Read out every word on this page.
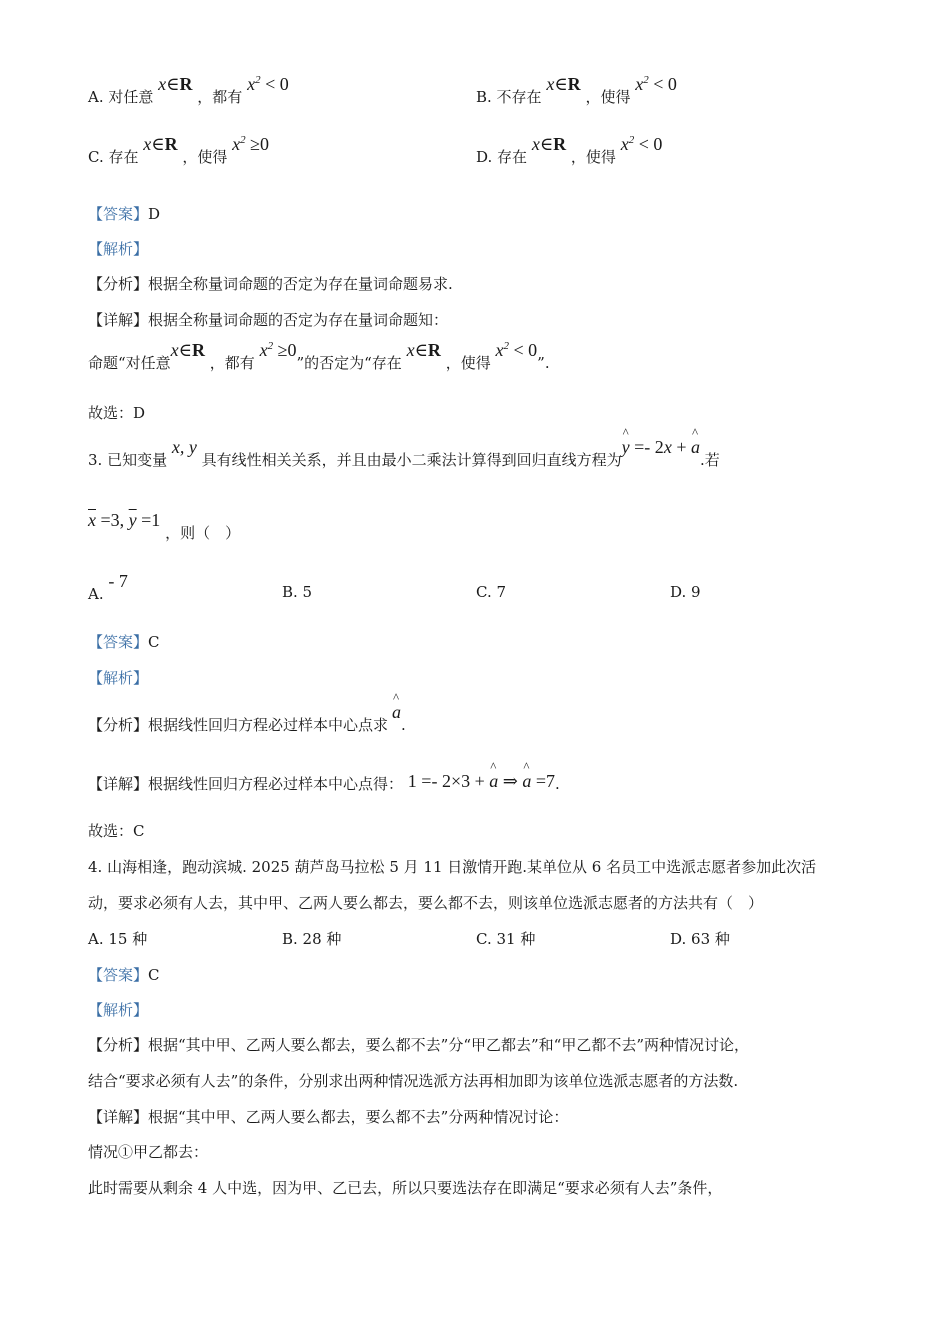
A. 对任意 x∈R ，都有 $x^2 < 0$
B. 不存在 x∈R ，使得 $x^2 < 0$
C. 存在 x∈R ，使得 $x^2 \ge 0$
D. 存在 x∈R ，使得 $x^2 < 0$
【答案】D
【解析】
【分析】根据全称量词命题的否定为存在量词命题易求.
【详解】根据全称量词命题的否定为存在量词命题知：
命题“对任意x∈R ，都有 $x^2 \ge 0$”的否定为“存在 x∈R ，使得 $x^2 < 0$”.
故选：D
3. 已知变量 x, y 具有线性相关关系，并且由最小二乘法计算得到回归直线方程为^ y =- 2x + ^ a.若
$\overline{x} =3$, $\overline{y} =1$ ，则（　）
A. - 7
B. 5	C. 7	D. 9
【答案】C
【解析】
【分析】根据线性回归方程必过样本中心点求^ a.
【详解】根据线性回归方程必过样本中心点得： 1 =- 2×3 + ^ a ⇒ ^ a =7.
故选：C
4. 山海相逢，跑动滨城. 2025 葫芦岛马拉松 5 月 11 日激情开跑.某单位从 6 名员工中选派志愿者参加此次活
动，要求必须有人去，其中甲、乙两人要么都去，要么都不去，则该单位选派志愿者的方法共有（　）
A. 15 种	B. 28 种	C. 31 种	D. 63 种
【答案】C
【解析】
【分析】根据“其中甲、乙两人要么都去，要么都不去”分“甲乙都去”和“甲乙都不去”两种情况讨论，
结合“要求必须有人去”的条件，分别求出两种情况选派方法再相加即为该单位选派志愿者的方法数.
【详解】根据“其中甲、乙两人要么都去，要么都不去”分两种情况讨论：
情况①甲乙都去：
此时需要从剩余 4 人中选，因为甲、乙已去，所以只要选法存在即满足“要求必须有人去”条件，
